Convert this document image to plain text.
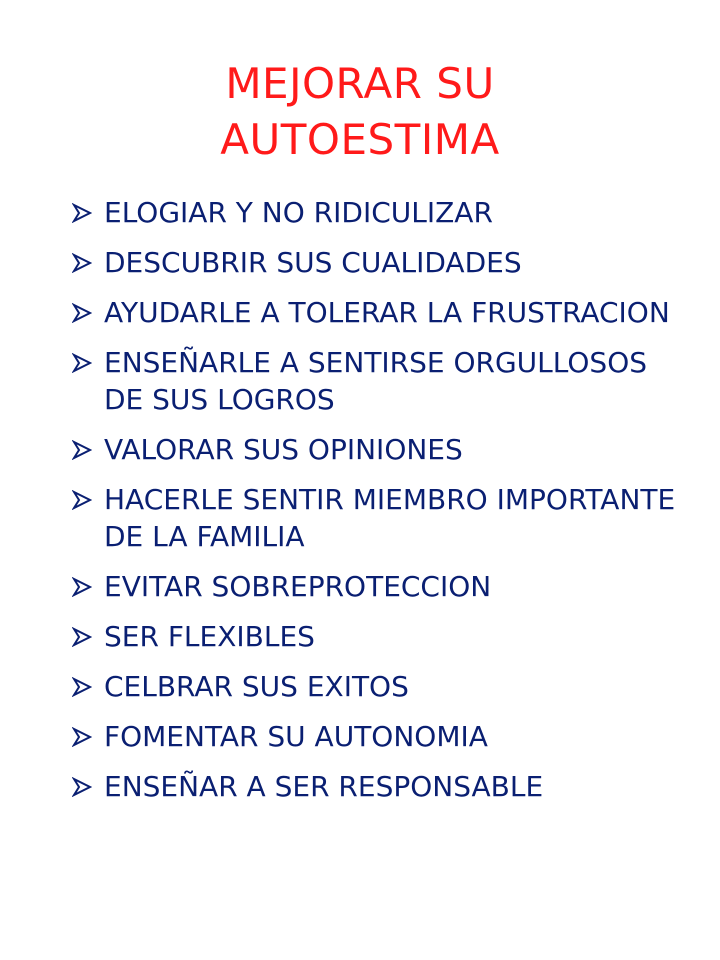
MEJORAR SU
AUTOESTIMA
ELOGIAR Y NO RIDICULIZAR
DESCUBRIR SUS CUALIDADES
AYUDARLE A TOLERAR LA FRUSTRACION
ENSEÑARLE A SENTIRSE ORGULLOSOS  DE SUS LOGROS
VALORAR SUS OPINIONES
HACERLE SENTIR MIEMBRO IMPORTANTE DE LA FAMILIA
EVITAR SOBREPROTECCION
SER FLEXIBLES
CELBRAR SUS EXITOS
FOMENTAR SU AUTONOMIA
ENSEÑAR A SER RESPONSABLE
